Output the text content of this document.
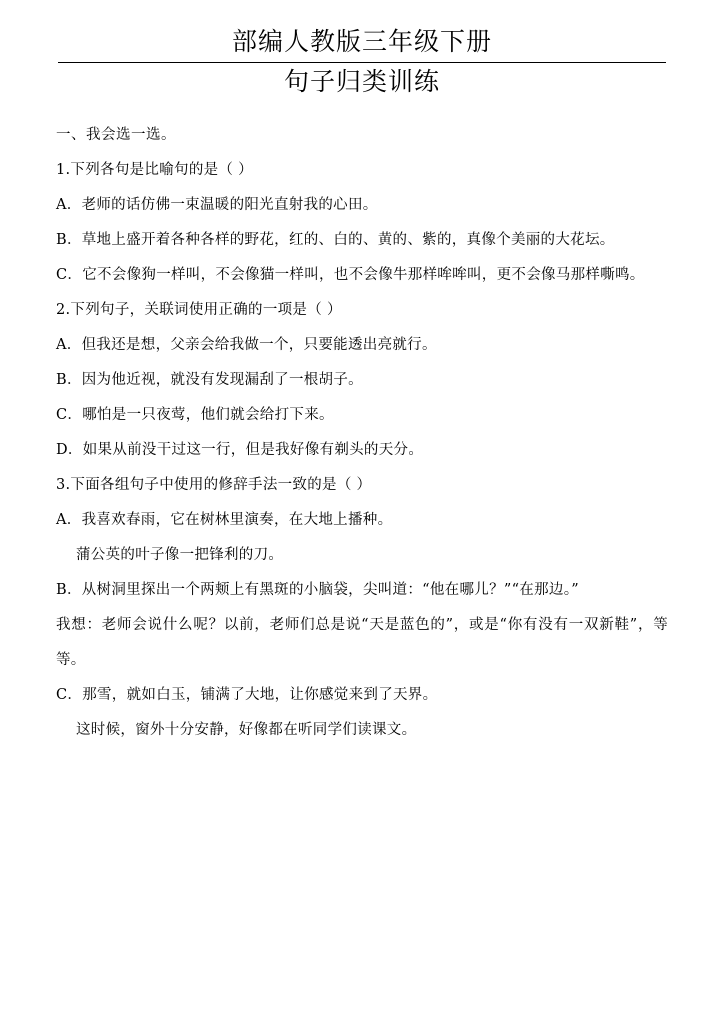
部编人教版三年级下册
句子归类训练

一、我会选一选。

1.下列各句是比喻句的是（ ）

A．老师的话仿佛一束温暖的阳光直射我的心田。

B．草地上盛开着各种各样的野花，红的、白的、黄的、紫的，真像个美丽的大花坛。

C．它不会像狗一样叫，不会像猫一样叫，也不会像牛那样哞哞叫，更不会像马那样嘶鸣。

2.下列句子，关联词使用正确的一项是（ ）

A．但我还是想，父亲会给我做一个，只要能透出亮就行。

B．因为他近视，就没有发现漏刮了一根胡子。

C．哪怕是一只夜莺，他们就会给打下来。

D．如果从前没干过这一行，但是我好像有剃头的天分。

3.下面各组句子中使用的修辞手法一致的是（ ）

A．我喜欢春雨，它在树林里演奏，在大地上播种。

蒲公英的叶子像一把锋利的刀。

B．从树洞里探出一个两颊上有黑斑的小脑袋，尖叫道：“他在哪儿？”“在那边。”

我想：老师会说什么呢？以前，老师们总是说“天是蓝色的”，或是“你有没有一双新鞋”，等等。

C．那雪，就如白玉，铺满了大地，让你感觉来到了天界。

这时候，窗外十分安静，好像都在听同学们读课文。
